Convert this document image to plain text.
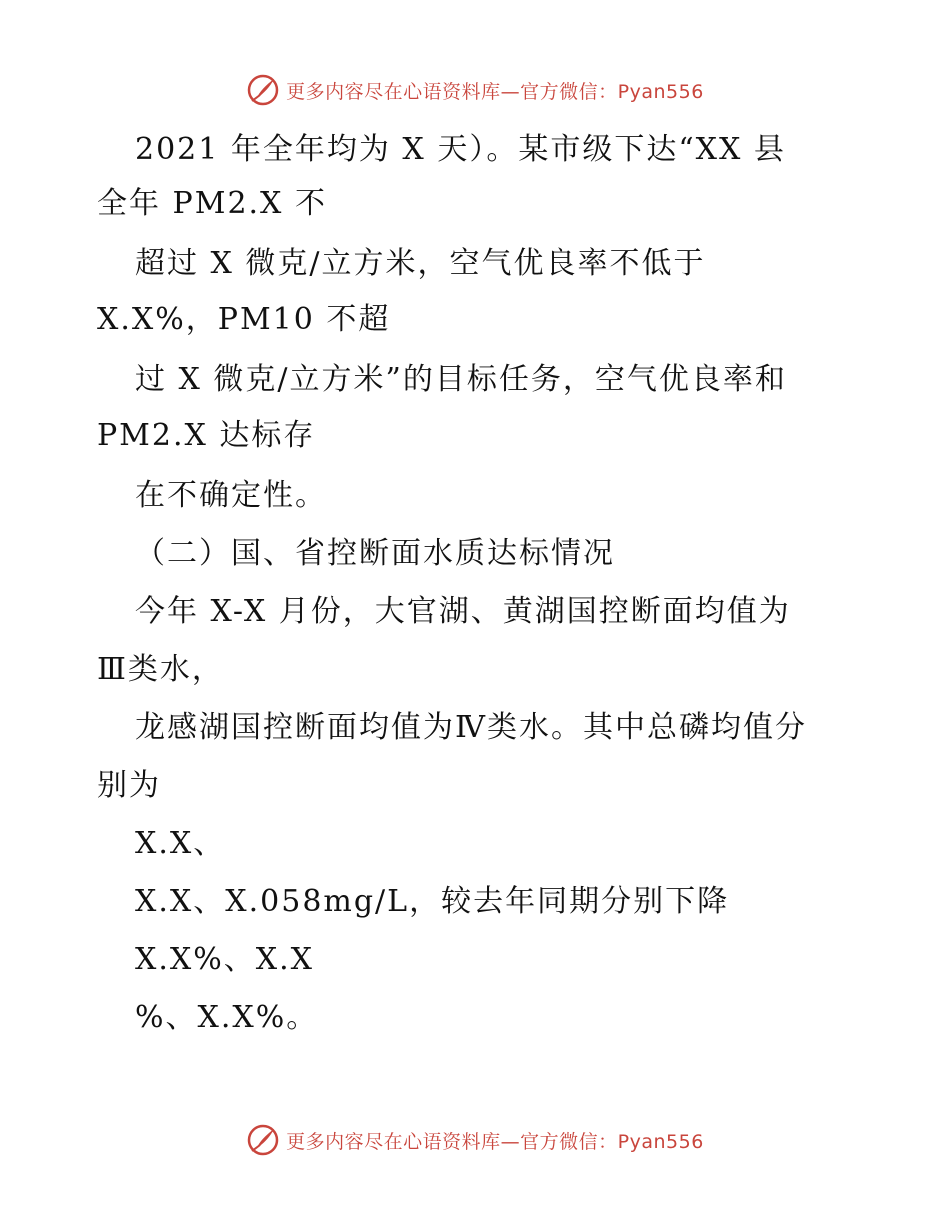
更多内容尽在心语资料库—官方微信：Pyan556
2021 年全年均为 X 天）。某市级下达“XX 县
全年 PM2.X 不
超过 X 微克/立方米，空气优良率不低于
X.X%，PM10 不超
过 X 微克/立方米”的目标任务，空气优良率和
PM2.X 达标存
在不确定性。
（二）国、省控断面水质达标情况
今年 X-X 月份，大官湖、黄湖国控断面均值为
Ⅲ类水，
龙感湖国控断面均值为Ⅳ类水。其中总磷均值分
别为
X.X、
X.X、X.058mg/L，较去年同期分别下降
X.X%、X.X
%、X.X%。
更多内容尽在心语资料库—官方微信：Pyan556
